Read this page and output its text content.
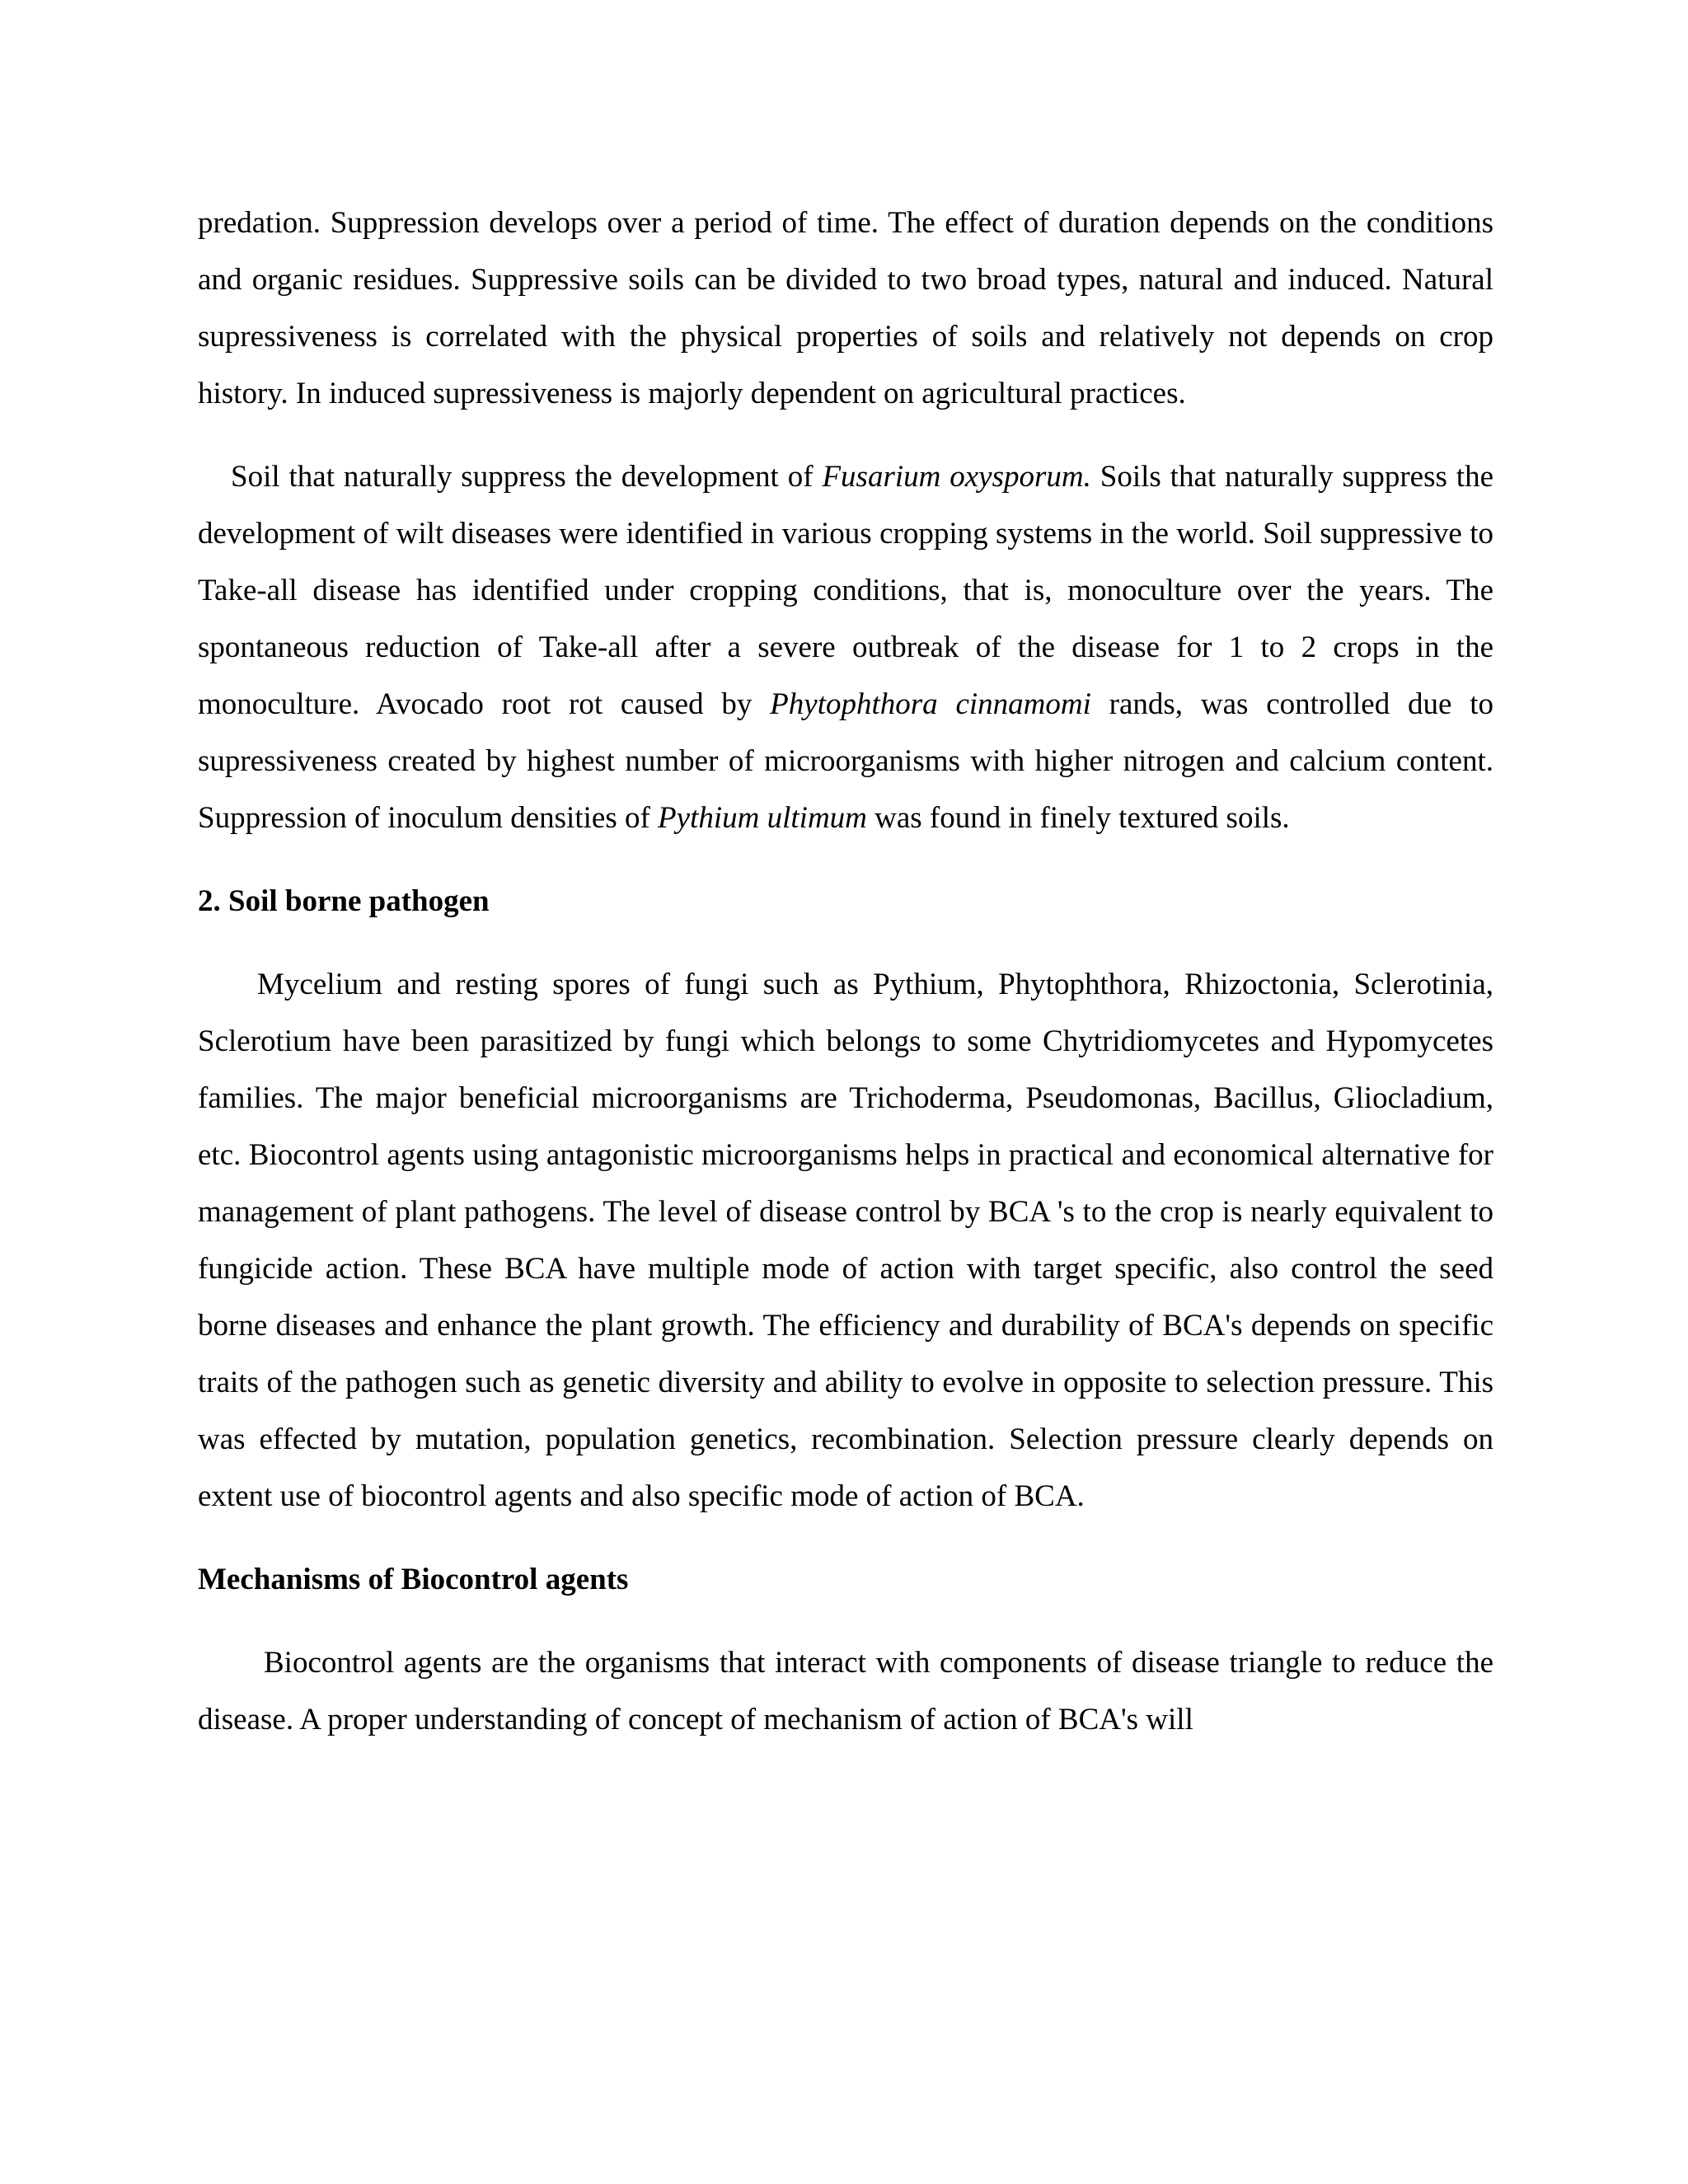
predation. Suppression develops over a period of time. The effect of duration depends on the conditions and organic residues. Suppressive soils can be divided to two broad types, natural and induced. Natural supressiveness is correlated with the physical properties of soils and relatively not depends on crop history. In induced supressiveness is majorly dependent on agricultural practices.

Soil that naturally suppress the development of Fusarium oxysporum. Soils that naturally suppress the development of wilt diseases were identified in various cropping systems in the world. Soil suppressive to Take-all disease has identified under cropping conditions, that is, monoculture over the years. The spontaneous reduction of Take-all after a severe outbreak of the disease for 1 to 2 crops in the monoculture. Avocado root rot caused by Phytophthora cinnamomi rands, was controlled due to supressiveness created by highest number of microorganisms with higher nitrogen and calcium content. Suppression of inoculum densities of Pythium ultimum was found in finely textured soils.

2. Soil borne pathogen

Mycelium and resting spores of fungi such as Pythium, Phytophthora, Rhizoctonia, Sclerotinia, Sclerotium have been parasitized by fungi which belongs to some Chytridiomycetes and Hypomycetes families. The major beneficial microorganisms are Trichoderma, Pseudomonas, Bacillus, Gliocladium, etc. Biocontrol agents using antagonistic microorganisms helps in practical and economical alternative for management of plant pathogens. The level of disease control by BCA 's to the crop is nearly equivalent to fungicide action. These BCA have multiple mode of action with target specific, also control the seed borne diseases and enhance the plant growth. The efficiency and durability of BCA's depends on specific traits of the pathogen such as genetic diversity and ability to evolve in opposite to selection pressure. This was effected by mutation, population genetics, recombination. Selection pressure clearly depends on extent use of biocontrol agents and also specific mode of action of BCA.

Mechanisms of Biocontrol agents

Biocontrol agents are the organisms that interact with components of disease triangle to reduce the disease. A proper understanding of concept of mechanism of action of BCA's will
